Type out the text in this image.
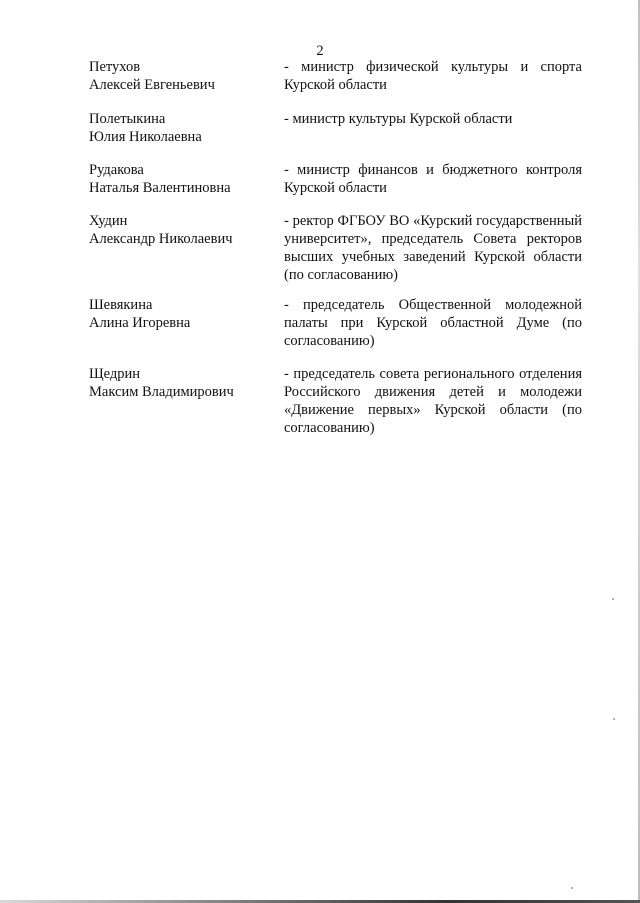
2
Петухов
Алексей Евгеньевич
- министр физической культуры и спорта Курской области
Полетыкина
Юлия Николаевна
- министр культуры Курской области
Рудакова
Наталья Валентиновна
- министр финансов и бюджетного контроля Курской области
Худин
Александр Николаевич
- ректор ФГБОУ ВО «Курский государственный университет», председатель Совета ректоров высших учебных заведений Курской области (по согласованию)
Шевякина
Алина Игоревна
- председатель Общественной молодежной палаты при Курской областной Думе (по согласованию)
Щедрин
Максим Владимирович
- председатель совета регионального отделения Российского движения детей и молодежи «Движение первых» Курской области (по согласованию)
